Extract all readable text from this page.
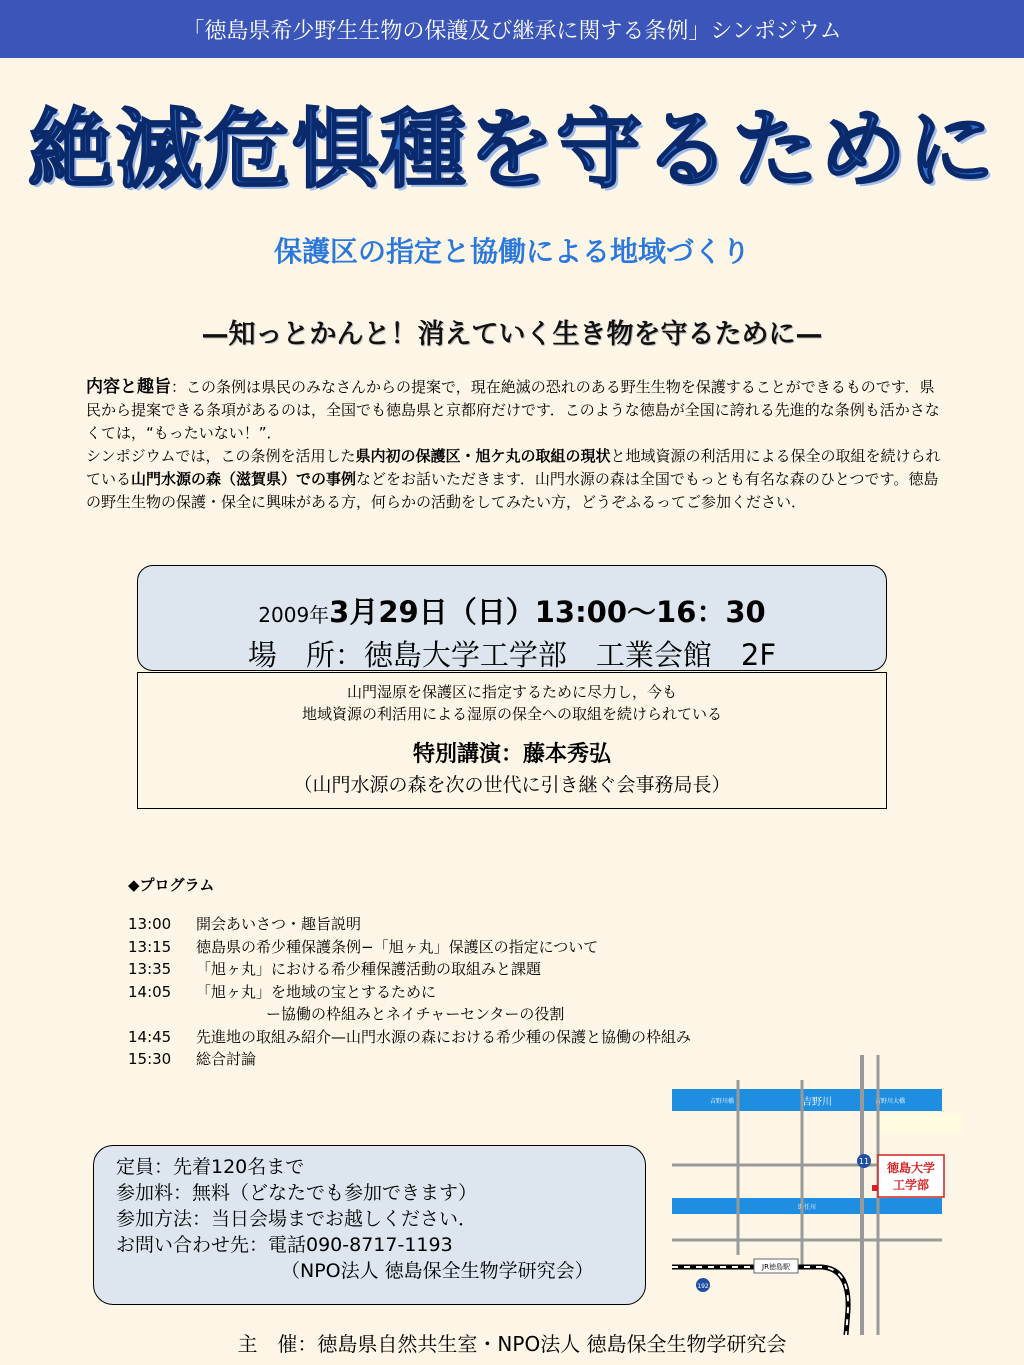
「徳島県希少野生生物の保護及び継承に関する条例」シンポジウム
絶滅危惧種を守るために
保護区の指定と協働による地域づくり
—知っとかんと！消えていく生き物を守るために—
内容と趣旨：この条例は県民のみなさんからの提案で，現在絶滅の恐れのある野生生物を保護することができるものです．県民から提案できる条項があるのは，全国でも徳島県と京都府だけです．このような徳島が全国に誇れる先進的な条例も活かさなくては，“もったいない！”．
シンポジウムでは，この条例を活用した県内初の保護区・旭ケ丸の取組の現状と地域資源の利活用による保全の取組を続けられている山門水源の森（滋賀県）での事例などをお話いただきます．山門水源の森は全国でもっとも有名な森のひとつです。徳島の野生生物の保護・保全に興味がある方，何らかの活動をしてみたい方，どうぞふるってご参加ください．
2009年3月29日（日）13:00～16：30
場　所：徳島大学工学部　工業会館　2F
山門湿原を保護区に指定するために尽力し，今も
地域資源の利活用による湿原の保全への取組を続けられている
特別講演：藤本秀弘
（山門水源の森を次の世代に引き継ぐ会事務局長）
◆プログラム
13:00	開会あいさつ・趣旨説明
13:15	徳島県の希少種保護条例−「旭ヶ丸」保護区の指定について
13:35	「旭ヶ丸」における希少種保護活動の取組みと課題
14:05	「旭ヶ丸」を地域の宝とするために
ー協働の枠組みとネイチャーセンターの役割
14:45	先進地の取組み紹介—山門水源の森における希少種の保護と協働の枠組み
15:30	総合討論
吉野川
吉野川橋	吉野川大橋
助任川
JR徳島駅
11
192
徳島大学
工学部
定員：先着120名まで
参加料：無料（どなたでも参加できます）
参加方法：当日会場までお越しください．
お問い合わせ先：電話090-8717-1193
（NPO法人 徳島保全生物学研究会）
主　催：徳島県自然共生室・NPO法人 徳島保全生物学研究会
